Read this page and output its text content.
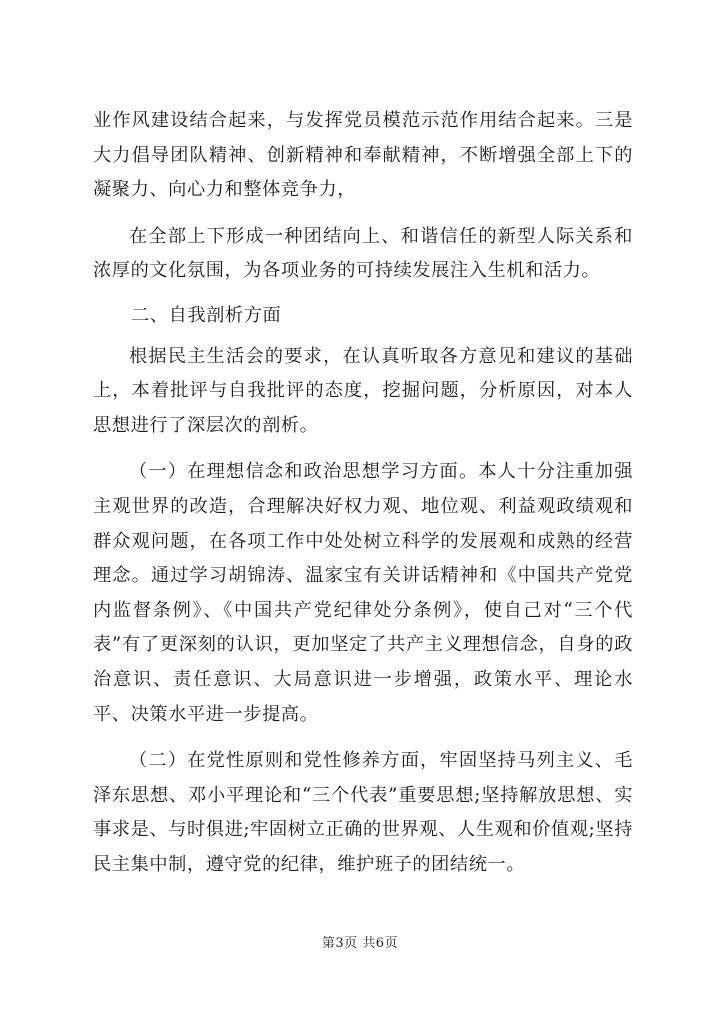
业作风建设结合起来，与发挥党员模范示范作用结合起来。三是大力倡导团队精神、创新精神和奉献精神，不断增强全部上下的凝聚力、向心力和整体竞争力，

在全部上下形成一种团结向上、和谐信任的新型人际关系和浓厚的文化氛围，为各项业务的可持续发展注入生机和活力。

二、自我剖析方面

根据民主生活会的要求，在认真听取各方意见和建议的基础上，本着批评与自我批评的态度，挖掘问题，分析原因，对本人思想进行了深层次的剖析。

（一）在理想信念和政治思想学习方面。本人十分注重加强主观世界的改造，合理解决好权力观、地位观、利益观政绩观和群众观问题，在各项工作中处处树立科学的发展观和成熟的经营理念。通过学习胡锦涛、温家宝有关讲话精神和《中国共产党党内监督条例》、《中国共产党纪律处分条例》，使自己对“三个代表”有了更深刻的认识，更加坚定了共产主义理想信念，自身的政治意识、责任意识、大局意识进一步增强，政策水平、理论水平、决策水平进一步提高。

（二）在党性原则和党性修养方面，牢固坚持马列主义、毛泽东思想、邓小平理论和“三个代表”重要思想;坚持解放思想、实事求是、与时俱进;牢固树立正确的世界观、人生观和价值观;坚持民主集中制，遵守党的纪律，维护班子的团结统一。

第3页 共6页
